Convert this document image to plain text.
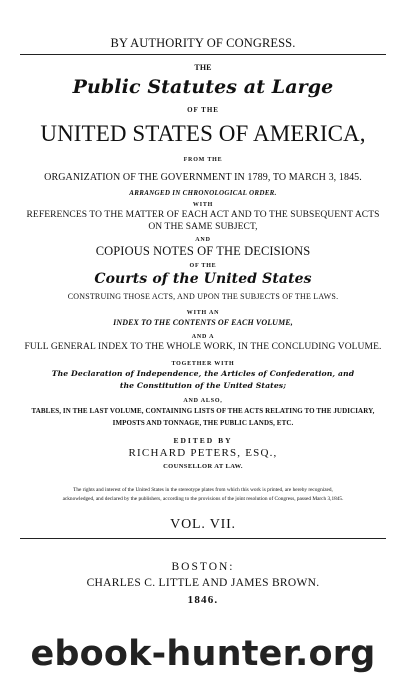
BY AUTHORITY OF CONGRESS.
THE
Public Statutes at Large
OF THE
UNITED STATES OF AMERICA,
FROM THE
ORGANIZATION OF THE GOVERNMENT IN 1789, TO MARCH 3, 1845.
ARRANGED IN CHRONOLOGICAL ORDER.
WITH
REFERENCES TO THE MATTER OF EACH ACT AND TO THE SUBSEQUENT ACTS
ON THE SAME SUBJECT,
AND
COPIOUS NOTES OF THE DECISIONS
OF THE
Courts of the United States
CONSTRUING THOSE ACTS, AND UPON THE SUBJECTS OF THE LAWS.
WITH AN
INDEX TO THE CONTENTS OF EACH VOLUME,
AND A
FULL GENERAL INDEX TO THE WHOLE WORK, IN THE CONCLUDING VOLUME.
TOGETHER WITH
The Declaration of Independence, the Articles of Confederation, and
the Constitution of the United States;
AND ALSO,
TABLES, IN THE LAST VOLUME, CONTAINING LISTS OF THE ACTS RELATING TO THE JUDICIARY,
IMPOSTS AND TONNAGE, THE PUBLIC LANDS, ETC.
EDITED BY
RICHARD PETERS, ESQ.,
COUNSELLOR AT LAW.
The rights and interest of the United States in the stereotype plates from which this work is printed, are hereby recognized,
acknowledged, and declared by the publishers, according to the provisions of the joint resolution of Congress, passed March 3,1845.
VOL. VII.
BOSTON:
CHARLES C. LITTLE AND JAMES BROWN.
1846.
ebook-hunter.org
